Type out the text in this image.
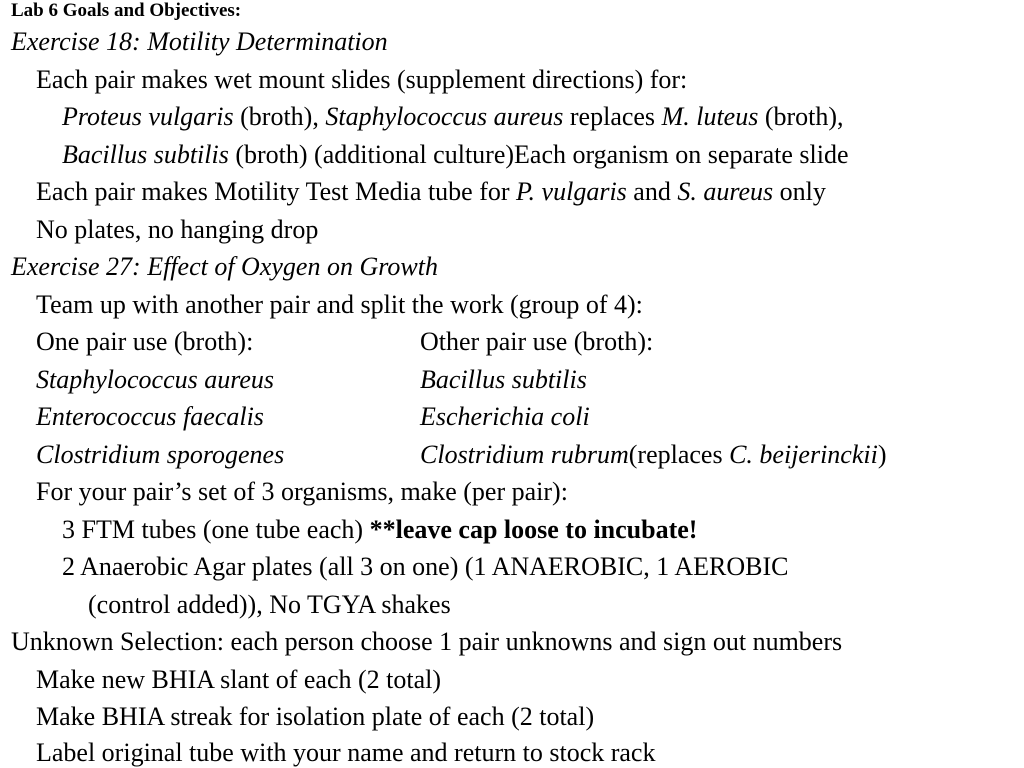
Lab 6 Goals and Objectives:
Exercise 18: Motility Determination
Each pair makes wet mount slides (supplement directions) for:
Proteus vulgaris (broth), Staphylococcus aureus replaces M. luteus (broth),
Bacillus subtilis (broth) (additional culture)Each organism on separate slide
Each pair makes Motility Test Media tube for P. vulgaris and S. aureus only
No plates, no hanging drop
Exercise 27: Effect of Oxygen on Growth
Team up with another pair and split the work (group of 4):
One pair use (broth):	Other pair use (broth):
Staphylococcus aureus	Bacillus subtilis
Enterococcus faecalis	Escherichia coli
Clostridium sporogenes	Clostridium rubrum(replaces C. beijerinckii)
For your pair’s set of 3 organisms, make (per pair):
3 FTM tubes (one tube each) **leave cap loose to incubate!
2 Anaerobic Agar plates (all 3 on one) (1 ANAEROBIC, 1 AEROBIC
(control added)), No TGYA shakes
Unknown Selection: each person choose 1 pair unknowns and sign out numbers
Make new BHIA slant of each (2 total)
Make BHIA streak for isolation plate of each (2 total)
Label original tube with your name and return to stock rack
